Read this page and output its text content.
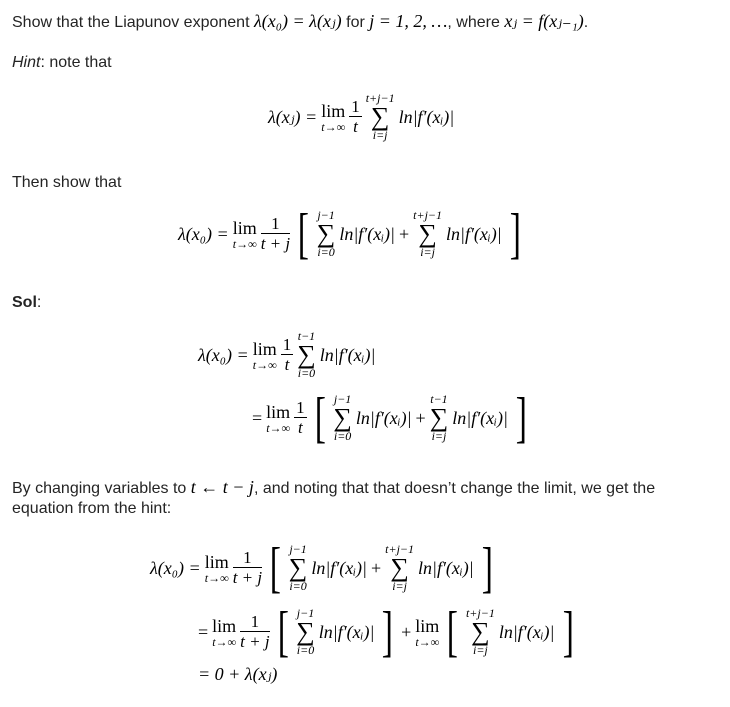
Show that the Liapunov exponent λ(x₀) = λ(xⱼ) for j = 1, 2, …, where xⱼ = f(xⱼ₋₁).
Hint: note that
λ(xⱼ) = lim
t→∞
$\frac{1}{t}$
t+j−1
∑
i=j
ln|f′(xᵢ)|
Then show that
λ(x₀) = lim
t→∞
$\frac{1}{t + j}$ [ j−1
∑
i=0
ln|f′(xᵢ)| +
t+j−1
∑
i=j
ln|f′(xᵢ)| ]
Sol:
λ(x₀) = lim
t→∞
$\frac{1}{t}$
t−1
∑
i=0
ln|f′(xᵢ)|
= lim
t→∞
$\frac{1}{t}$ [ j−1
∑
i=0
ln|f′(xᵢ)| +
t−1
∑
i=j
ln|f′(xᵢ)| ]
By changing variables to t ← t − j, and noting that that doesn’t change the limit, we get the
equation from the hint:
λ(x₀) = lim
t→∞
$\frac{1}{t + j}$ [ j−1
∑
i=0
ln|f′(xᵢ)| +
t+j−1
∑
i=j
ln|f′(xᵢ)| ]
= lim
t→∞
$\frac{1}{t + j}$ [ j−1
∑
i=0
ln|f′(xᵢ)| ] + lim
t→∞ [ t+j−1
∑
i=j
ln|f′(xᵢ)| ]
= 0 + λ(xⱼ)
